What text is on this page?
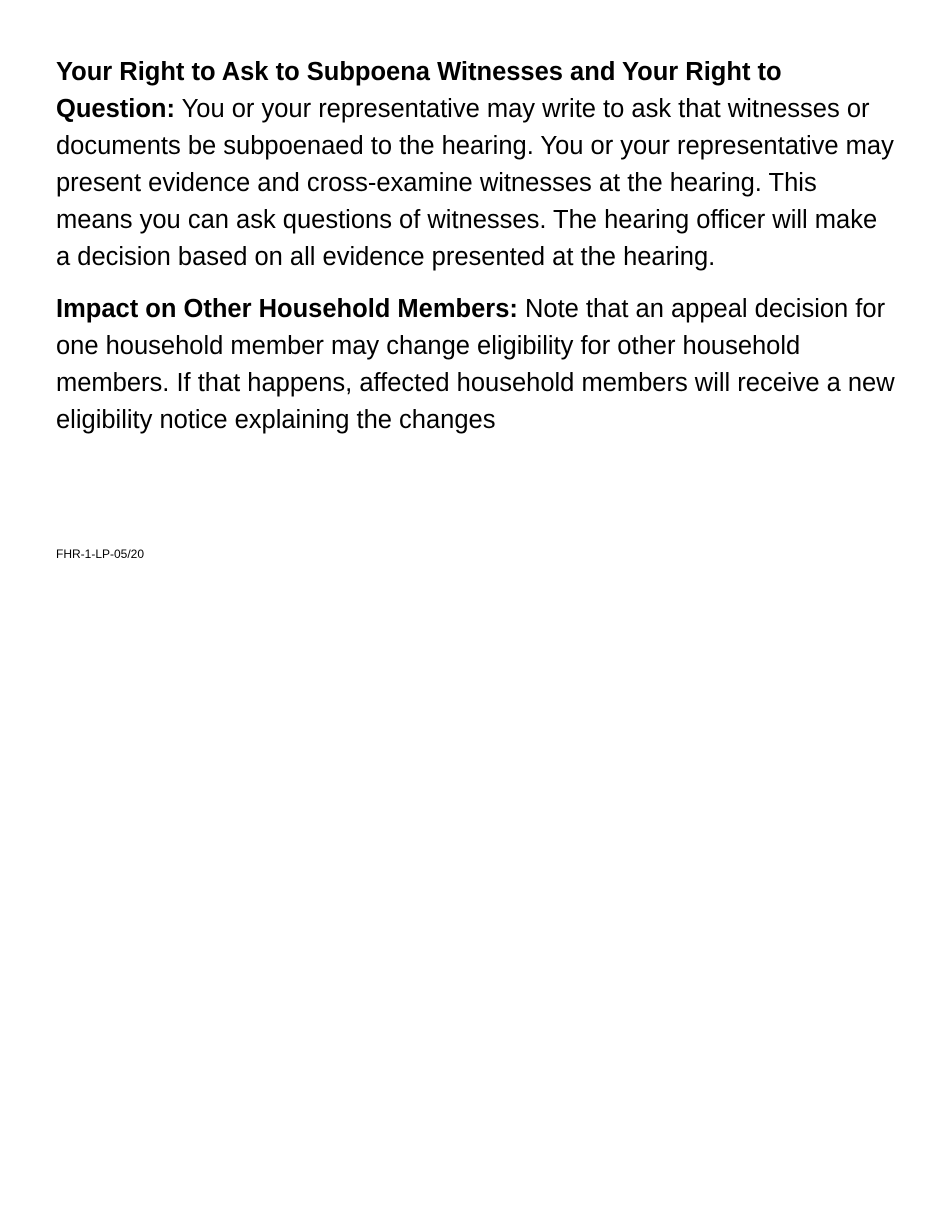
Your Right to Ask to Subpoena Witnesses and Your Right to Question: You or your representative may write to ask that witnesses or documents be subpoenaed to the hearing. You or your representative may present evidence and cross-examine witnesses at the hearing. This means you can ask questions of witnesses. The hearing officer will make a decision based on all evidence presented at the hearing.

Impact on Other Household Members: Note that an appeal decision for one household member may change eligibility for other household members. If that happens, affected household members will receive a new eligibility notice explaining the changes

FHR-1-LP-05/20
